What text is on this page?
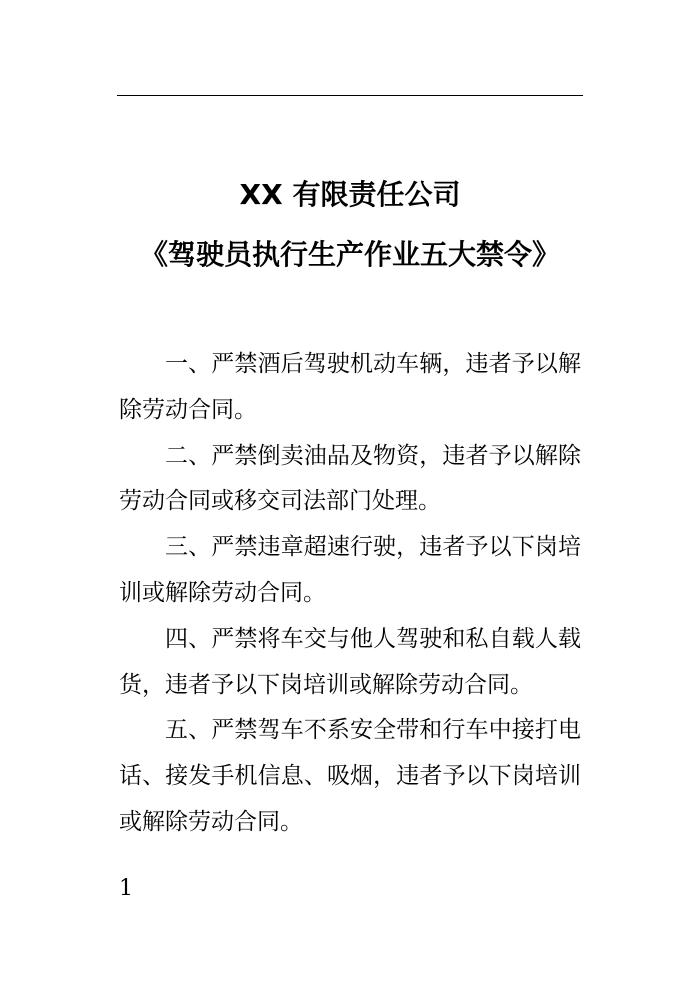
XX 有限责任公司
《驾驶员执行生产作业五大禁令》

一、严禁酒后驾驶机动车辆，违者予以解除劳动合同。

二、严禁倒卖油品及物资，违者予以解除劳动合同或移交司法部门处理。

三、严禁违章超速行驶，违者予以下岗培训或解除劳动合同。

四、严禁将车交与他人驾驶和私自载人载货，违者予以下岗培训或解除劳动合同。

五、严禁驾车不系安全带和行车中接打电话、接发手机信息、吸烟，违者予以下岗培训或解除劳动合同。

1
